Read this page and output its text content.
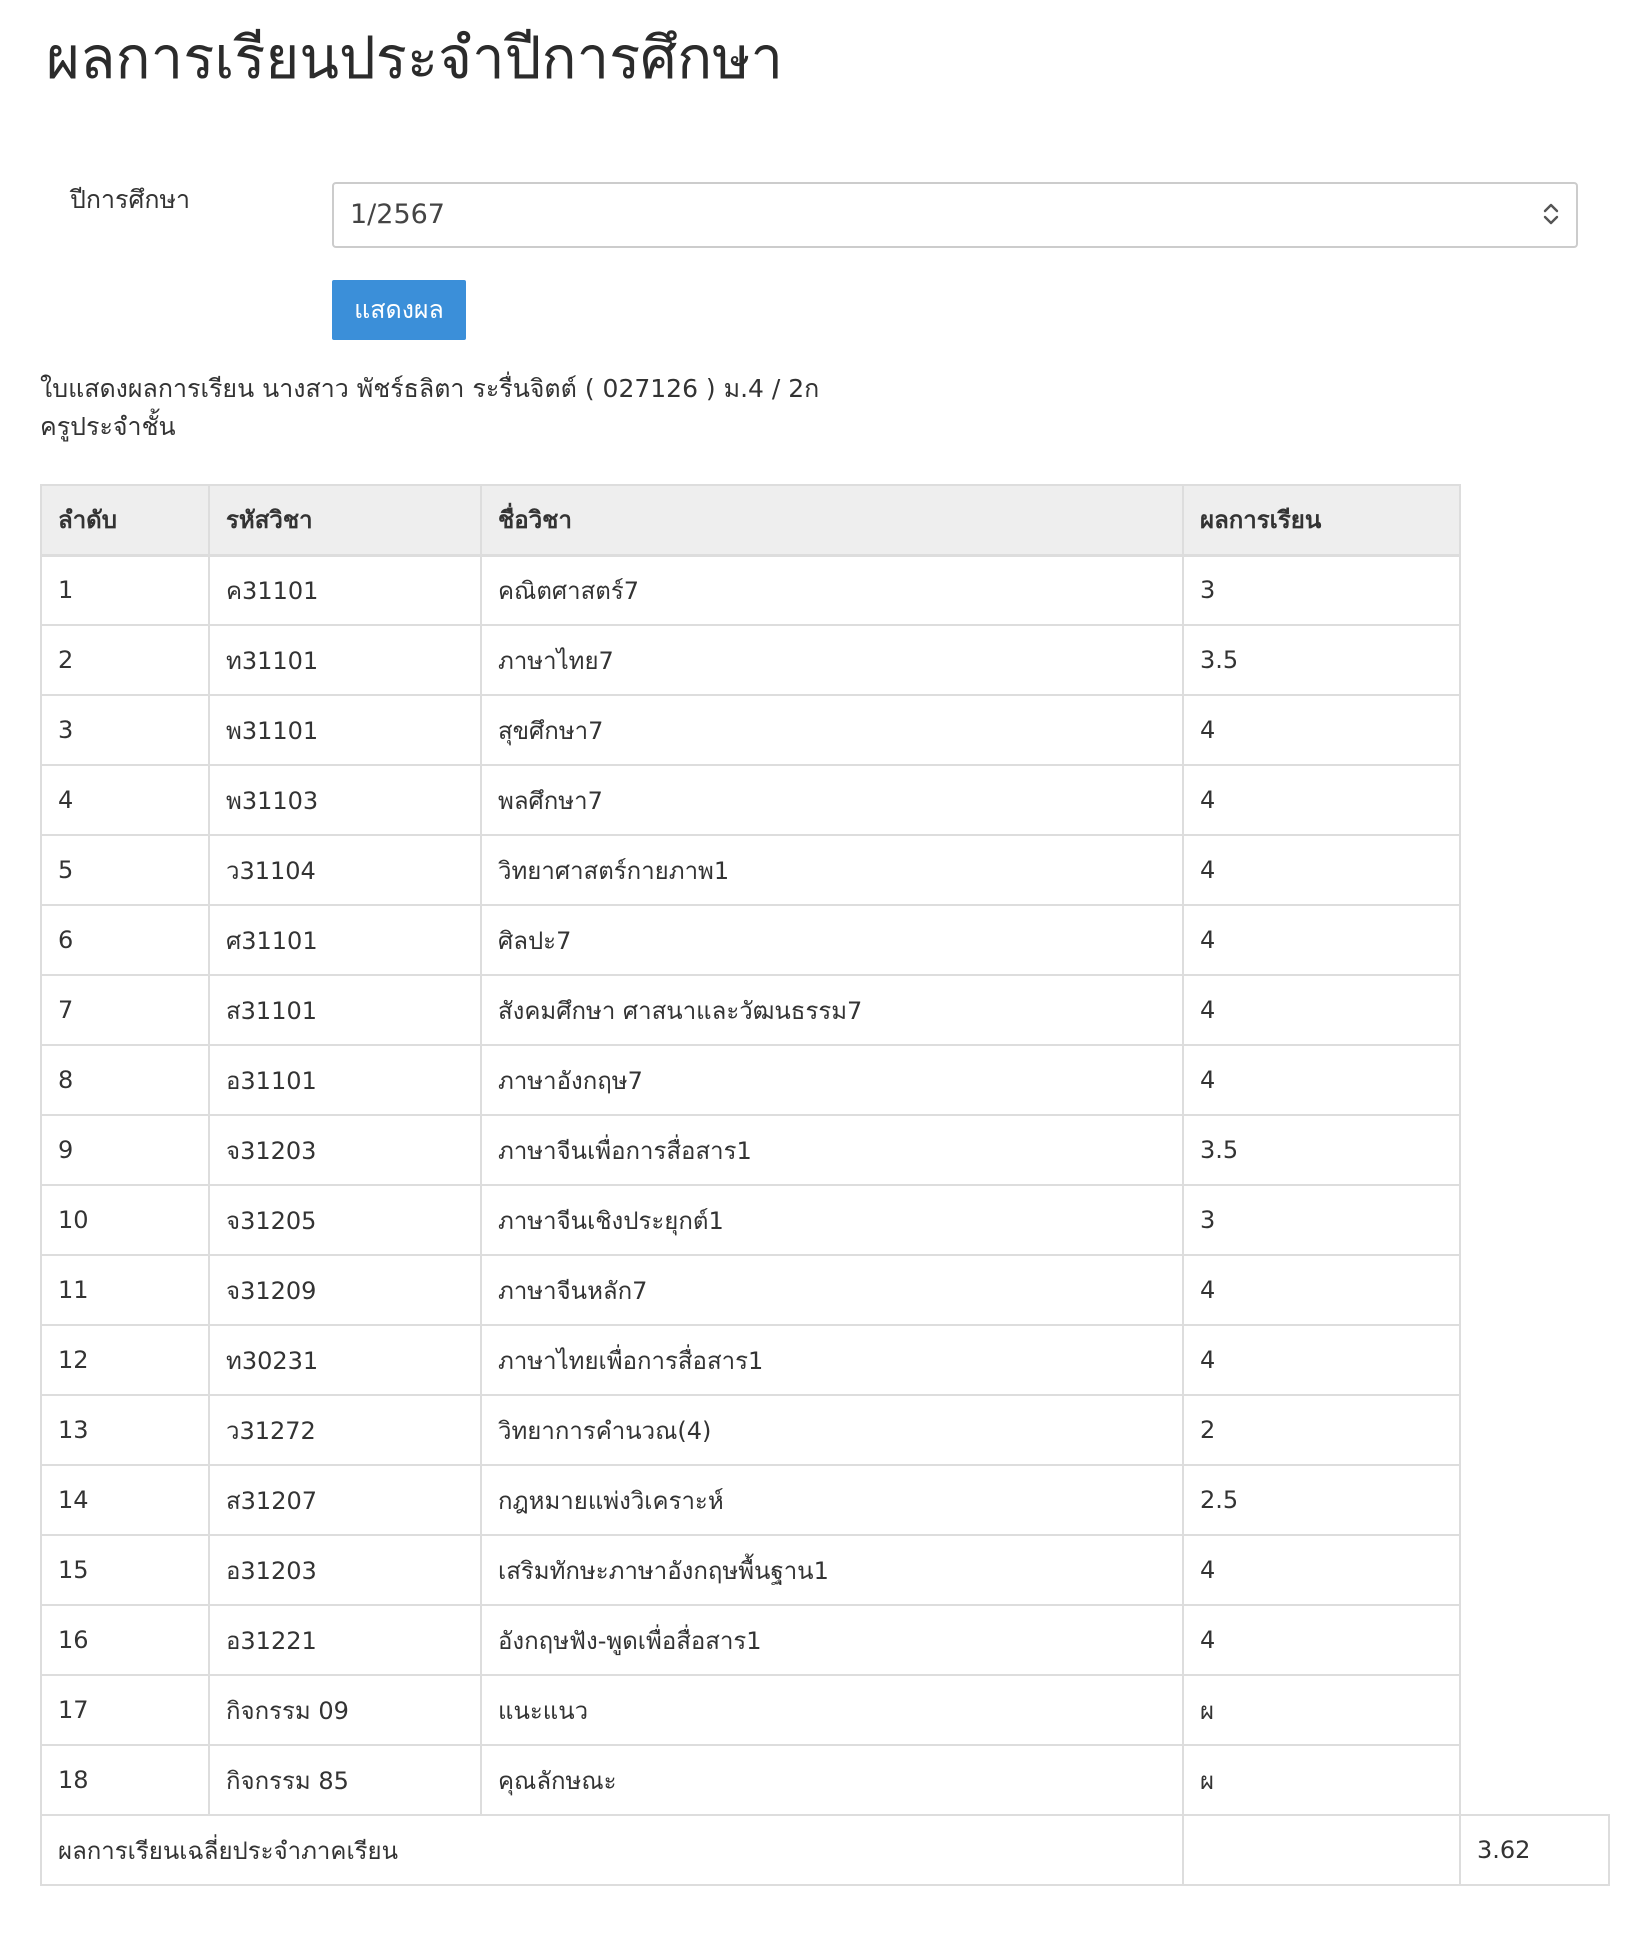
ผลการเรียนประจำปีการศึกษา
ปีการศึกษา	1/2567
แสดงผล
ใบแสดงผลการเรียน นางสาว พัชร์ธลิตา ระรื่นจิตต์ ( 027126 ) ม.4 / 2ก
ครูประจำชั้น
ลำดับ	รหัสวิชา	ชื่อวิชา	ผลการเรียน	
1	ค31101	คณิตศาสตร์7	3	
2	ท31101	ภาษาไทย7	3.5	
3	พ31101	สุขศึกษา7	4	
4	พ31103	พลศึกษา7	4	
5	ว31104	วิทยาศาสตร์กายภาพ1	4	
6	ศ31101	ศิลปะ7	4	
7	ส31101	สังคมศึกษา ศาสนาและวัฒนธรรม7	4	
8	อ31101	ภาษาอังกฤษ7	4	
9	จ31203	ภาษาจีนเพื่อการสื่อสาร1	3.5	
10	จ31205	ภาษาจีนเชิงประยุกต์1	3	
11	จ31209	ภาษาจีนหลัก7	4	
12	ท30231	ภาษาไทยเพื่อการสื่อสาร1	4	
13	ว31272	วิทยาการคำนวณ(4)	2	
14	ส31207	กฎหมายแพ่งวิเคราะห์	2.5	
15	อ31203	เสริมทักษะภาษาอังกฤษพื้นฐาน1	4	
16	อ31221	อังกฤษฟัง-พูดเพื่อสื่อสาร1	4	
17	กิจกรรม 09	แนะแนว	ผ	
18	กิจกรรม 85	คุณลักษณะ	ผ	
ผลการเรียนเฉลี่ยประจำภาคเรียน				3.62
